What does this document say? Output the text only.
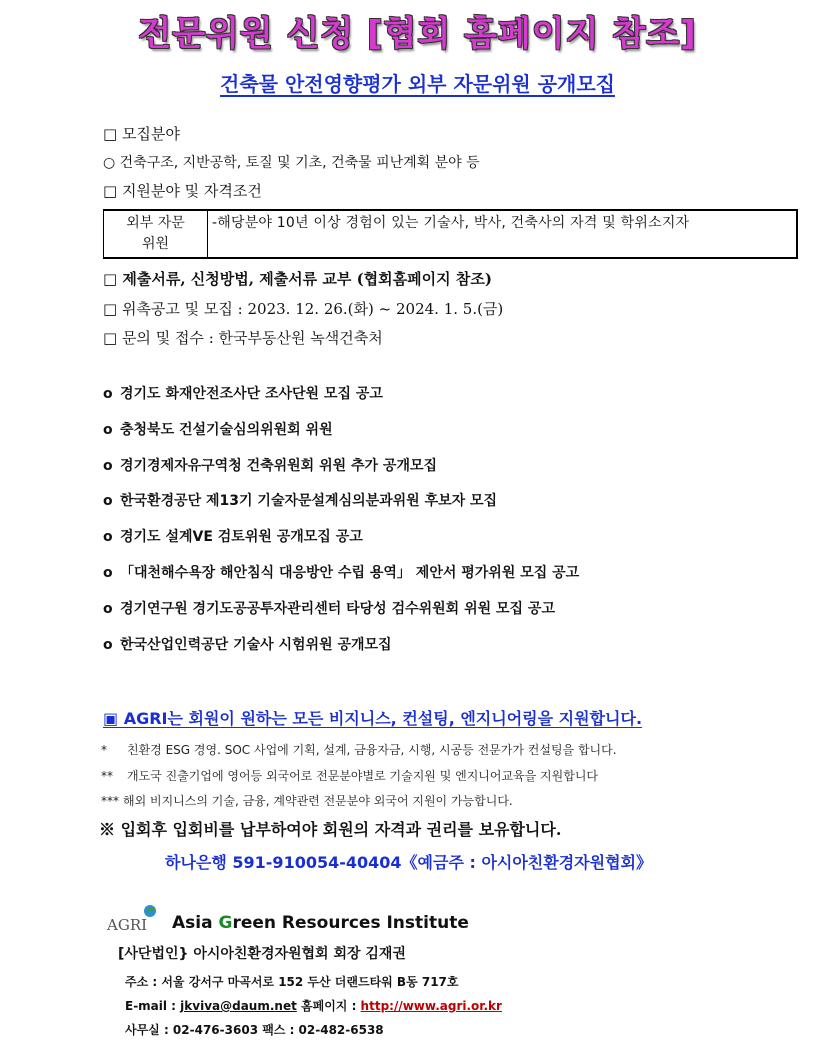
전문위원 신청 [협회 홈페이지 참조]
건축물 안전영향평가 외부 자문위원 공개모집
□ 모집분야
○ 건축구조, 지반공학, 토질 및 기초, 건축물 피난계획 분야 등
□ 지원분야 및 자격조건
외부 자문
위원
	-해당분야 10년 이상 경험이 있는 기술사, 박사, 건축사의 자격 및 학위소지자
□ 제출서류, 신청방법, 제출서류 교부 (협회홈페이지 참조)
□ 위촉공고 및 모집 : 2023. 12. 26.(화) ~ 2024. 1. 5.(금)
□ 문의 및 접수 : 한국부동산원 녹색건축처
o 경기도 화재안전조사단 조사단원 모집 공고
o 충청북도 건설기술심의위원회 위원
o 경기경제자유구역청 건축위원회 위원 추가 공개모집
o 한국환경공단 제13기 기술자문설계심의분과위원 후보자 모집
o 경기도 설계VE 검토위원 공개모집 공고
o 「대천해수욕장 해안침식 대응방안 수립 용역」 제안서 평가위원 모집 공고
o 경기연구원 경기도공공투자관리센터 타당성 검수위원회 위원 모집 공고
o 한국산업인력공단 기술사 시험위원 공개모집
▣ AGRI는 회원이 원하는 모든 비지니스, 컨설팅, 엔지니어링을 지원합니다.
* 친환경 ESG 경영. SOC 사업에 기획, 설계, 금융자금, 시행, 시공등 전문가가 컨설팅을 합니다.
** 개도국 진출기업에 영어등 외국어로 전문분야별로 기술지원 및 엔지니어교육을 지원합니다
*** 해외 비지니스의 기술, 금융, 계약관련 전문분야 외국어 지원이 가능합니다.
※ 입회후 입회비를 납부하여야 회원의 자격과 권리를 보유합니다.
하나은행 591-910054-40404《예금주 : 아시아친환경자원협회》
AGRI Asia Green Resources Institute
[사단법인} 아시아친환경자원협회 회장 김재권
주소 : 서울 강서구 마곡서로 152 두산 더랜드타워 B동 717호
E-mail : jkviva@daum.net 홈페이지 : http://www.agri.or.kr
사무실 : 02-476-3603 팩스 : 02-482-6538
